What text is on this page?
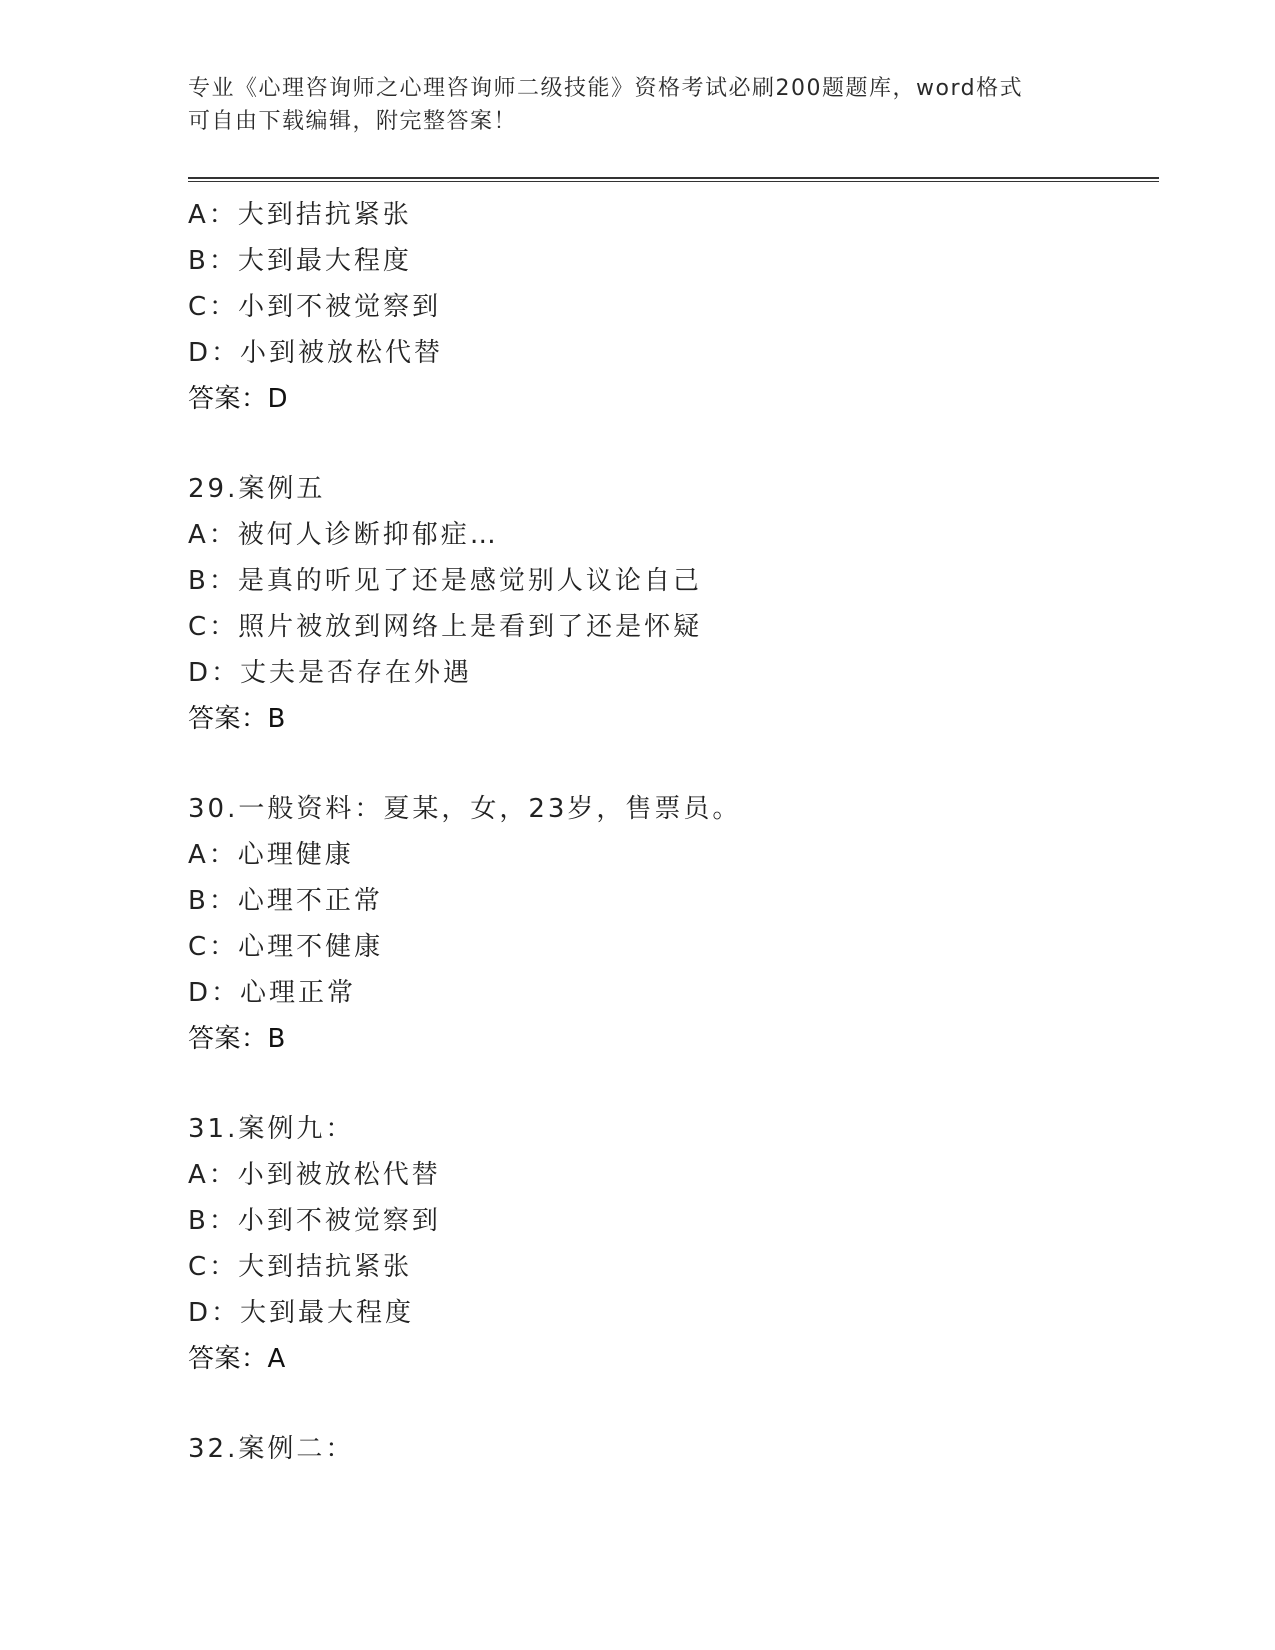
专业《心理咨询师之心理咨询师二级技能》资格考试必刷200题题库，word格式
可自由下载编辑，附完整答案！
A：大到拮抗紧张
B：大到最大程度
C：小到不被觉察到
D：小到被放松代替
答案：D
29.案例五
A：被何人诊断抑郁症…
B：是真的听见了还是感觉别人议论自己
C：照片被放到网络上是看到了还是怀疑
D：丈夫是否存在外遇
答案：B
30.一般资料：夏某，女，23岁，售票员。
A：心理健康
B：心理不正常
C：心理不健康
D：心理正常
答案：B
31.案例九：
A：小到被放松代替
B：小到不被觉察到
C：大到拮抗紧张
D：大到最大程度
答案：A
32.案例二：
